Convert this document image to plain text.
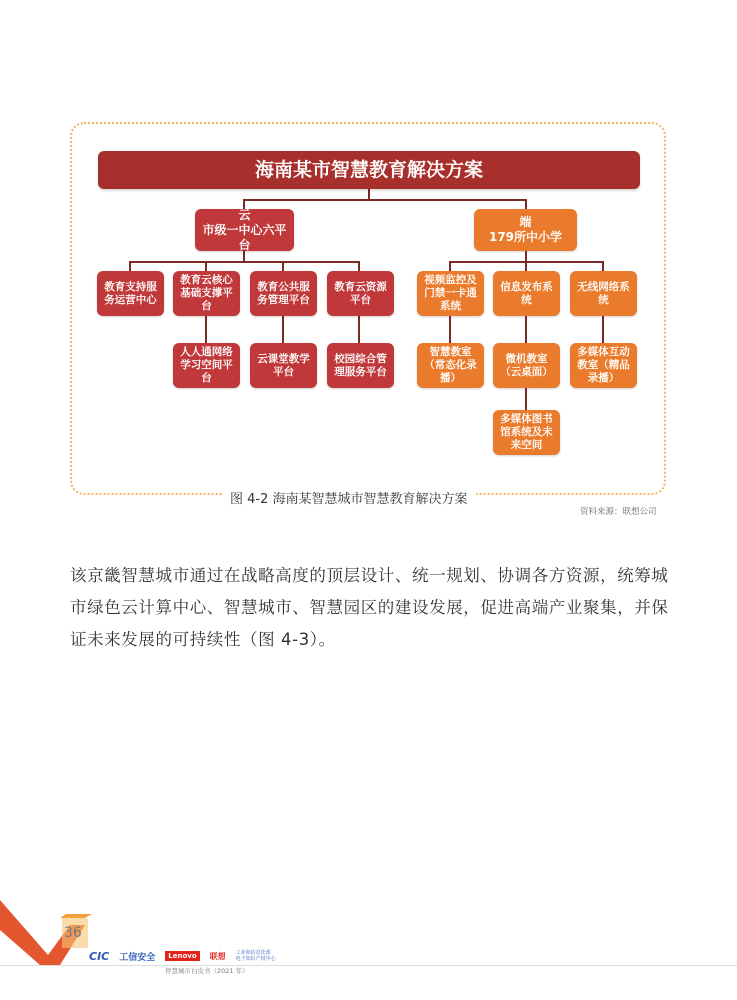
海南某市智慧教育解决方案
云
市级一中心六平台
端
179所中小学
教育支持服
务运营中心
教育云核心
基础支撑平
台
教育公共服
务管理平台
教育云资源
平台
人人通网络
学习空间平
台
云课堂教学
平台
校园综合管
理服务平台
视频监控及
门禁一卡通
系统
信息发布系
统
无线网络系
统
智慧教室
（常态化录
播）
微机教室
（云桌面）
多媒体互动
教室（精品
录播）
多媒体图书
馆系统及未
来空间
图 4-2 海南某智慧城市智慧教育解决方案
资料来源：联想公司
该京畿智慧城市通过在战略高度的顶层设计、统一规划、协调各方资源，统筹城市绿色云计算中心、智慧城市、智慧园区的建设发展，促进高端产业聚集，并保证未来发展的可持续性（图 4-3）。
36
CIC 工信安全	Lenovo	联想 工业和信息化部
电子知识产权中心
智慧城市白皮书（2021 年）
